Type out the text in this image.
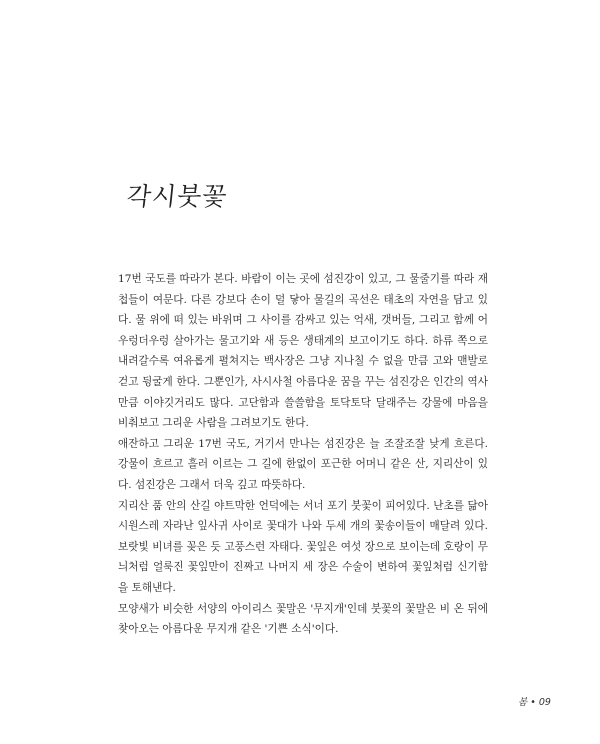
각시붓꽃

17번 국도를 따라가 본다. 바람이 이는 곳에 섬진강이 있고, 그 물줄기를 따라 재첩들이 여문다. 다른 강보다 손이 덜 닿아 물길의 곡선은 태초의 자연을 담고 있다. 물 위에 떠 있는 바위며 그 사이를 감싸고 있는 억새, 갯버들, 그리고 함께 어우렁더우렁 살아가는 물고기와 새 등은 생태계의 보고이기도 하다. 하류 쪽으로 내려갈수록 여유롭게 펼쳐지는 백사장은 그냥 지나칠 수 없을 만큼 고와 맨발로 걷고 뒹굴게 한다. 그뿐인가, 사시사철 아름다운 꿈을 꾸는 섬진강은 인간의 역사만큼 이야깃거리도 많다. 고단함과 쓸쓸함을 토닥토닥 달래주는 강물에 마음을 비춰보고 그리운 사람을 그려보기도 한다.

애잔하고 그리운 17번 국도, 거기서 만나는 섬진강은 늘 조잘조잘 낮게 흐른다. 강물이 흐르고 흘러 이르는 그 길에 한없이 포근한 어머니 같은 산, 지리산이 있다. 섬진강은 그래서 더욱 깊고 따뜻하다.

지리산 품 안의 산길 야트막한 언덕에는 서너 포기 붓꽃이 피어있다. 난초를 닮아 시원스레 자라난 잎사귀 사이로 꽃대가 나와 두세 개의 꽃송이들이 매달려 있다. 보랏빛 비녀를 꽂은 듯 고풍스런 자태다. 꽃잎은 여섯 장으로 보이는데 호랑이 무늬처럼 얼룩진 꽃잎만이 진짜고 나머지 세 장은 수술이 변하여 꽃잎처럼 신기함을 토해낸다.

모양새가 비슷한 서양의 아이리스 꽃말은 '무지개'인데 붓꽃의 꽃말은 비 온 뒤에 찾아오는 아름다운 무지개 같은 '기쁜 소식'이다.

봄 • 09
